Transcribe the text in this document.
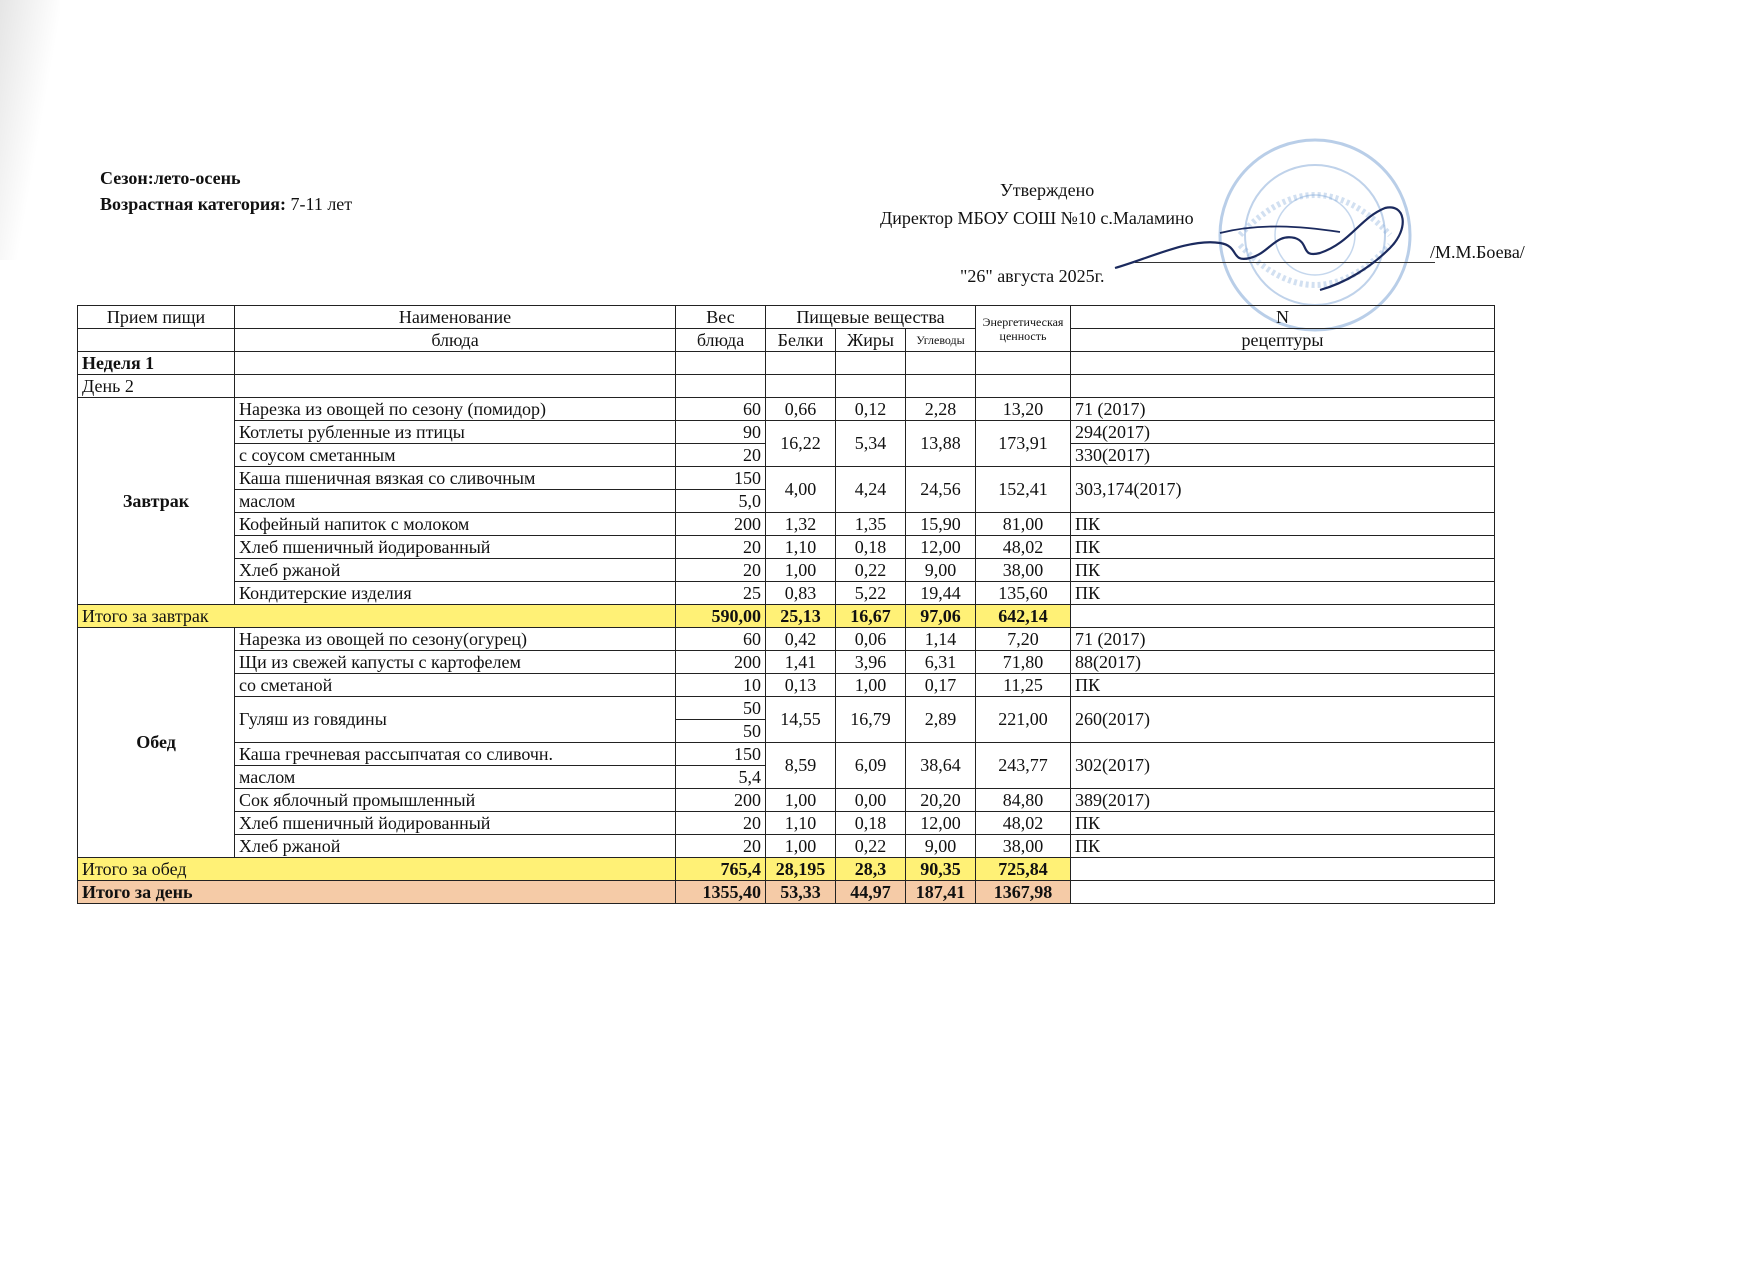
Сезон:лето-осень
Возрастная категория: 7-11 лет
Утверждено
Директор МБОУ СОШ №10 с.Маламино
/М.М.Боева/
"26" августа 2025г.
Прием пищи	Наименование	Вес	Пищевые вещества			Энергетическая ценность	N
	блюда	блюда	Белки	Жиры	Углеводы		рецептуры
Неделя 1							
День 2							
Завтрак	Нарезка из овощей по сезону (помидор)	60	0,66	0,12	2,28	13,20	71 (2017)
	Котлеты рубленные из птицы	90	16,22	5,34	13,88	173,91	294(2017)
	с соусом сметанным	20					330(2017)
	Каша пшеничная вязкая со сливочным	150	4,00	4,24	24,56	152,41	303,174(2017)
	маслом	5,0					
	Кофейный напиток с молоком	200	1,32	1,35	15,90	81,00	ПК
	Хлеб пшеничный йодированный	20	1,10	0,18	12,00	48,02	ПК
	Хлеб ржаной	20	1,00	0,22	9,00	38,00	ПК
	Кондитерские изделия	25	0,83	5,22	19,44	135,60	ПК
Итого за завтрак		590,00	25,13	16,67	97,06	642,14	
Обед	Нарезка из овощей по сезону(огурец)	60	0,42	0,06	1,14	7,20	71 (2017)
	Щи из свежей капусты с картофелем	200	1,41	3,96	6,31	71,80	88(2017)
	со сметаной	10	0,13	1,00	0,17	11,25	ПК
	Гуляш из говядины	50	14,55	16,79	2,89	221,00	260(2017)
		50					
	Каша гречневая рассыпчатая со сливочн.	150	8,59	6,09	38,64	243,77	302(2017)
	маслом	5,4					
	Сок яблочный промышленный	200	1,00	0,00	20,20	84,80	389(2017)
	Хлеб пшеничный йодированный	20	1,10	0,18	12,00	48,02	ПК
	Хлеб ржаной	20	1,00	0,22	9,00	38,00	ПК
Итого за обед		765,4	28,195	28,3	90,35	725,84	
Итого за день		1355,40	53,33	44,97	187,41	1367,98	
